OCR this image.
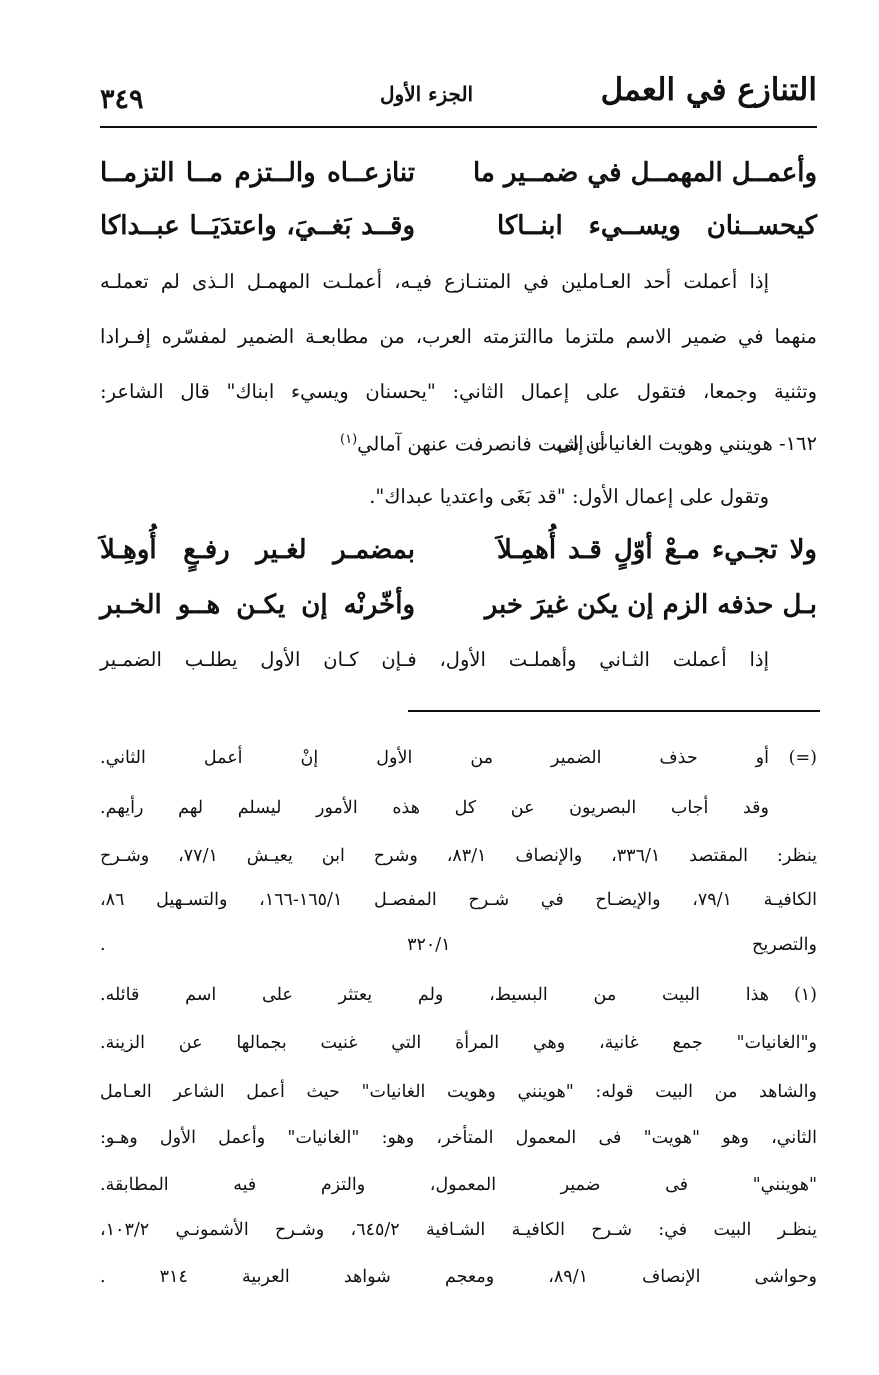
التنازع في العمل
الجزء الأول
٣٤٩
وأعمــل المهمــل في ضمــير ما
تنازعــاه والــتزم مــا التزمــا
كيحســنان ويســيء ابنــاكا
وقــد بَغــيَ، واعتدَيَــا عبــداكا
إذا أعملت أحد العـاملين في المتنـازع فيـه، أعملـت المهمـل الـذى لم تعملـه
منهما في ضمير الاسم ملتزما ماالتزمته العرب، من مطابعـة الضمير لمفسّره إفـرادا
وتثنية وجمعا، فتقول على إعمال الثاني: "يحسنان ويسيء ابناك" قال الشاعر:
١٦٢- هوينني وهويت الغانيات إلى
أن شبت فانصرفت عنهن آمالي$^{(١)}$
وتقول على إعمال الأول: "قد بَغَى واعتديا عبداك".
ولا تجـيء مـعْ أوّلٍ قـد أُهمِـلاَ
بمضمـر لغـير رفـعٍ أُوهِـلاَ
بـل حذفه الزم إن يكن غيرَ خبر
وأخّرنْه إن يكـن هــو الخـبر
إذا أعملت الثـاني وأهملـت الأول، فـإن كـان الأول يطلـب الضمـير
(=)
أو حذف الضمير من الأول إنْ أعمل الثاني.
وقد أجاب البصريون عن كل هذه الأمور ليسلم لهم رأيهم.
ينظر: المقتصد ٣٣٦/١، والإنصاف ٨٣/١، وشرح ابن يعيـش ٧٧/١، وشـرح
الكافيـة ٧٩/١، والإيضـاح في شـرح المفصـل ١٦٥/١-١٦٦، والتسـهيل ٨٦،
والتصريح ٣٢٠/١ .
(١)
هذا البيت من البسيط، ولم يعتثر على اسم قائله.
و"الغانيات" جمع غانية، وهي المرأة التي غنيت بجمالها عن الزينة.
والشاهد من البيت قوله: "هوينني وهويت الغانيات" حيث أعمل الشاعر العـامل
الثاني، وهو "هويت" فى المعمول المتأخر، وهو: "الغانيات" وأعمل الأول وهـو:
"هوينني" فى ضمير المعمول، والتزم فيه المطابقة.
ينظـر البيت في: شـرح الكافيـة الشـافية ٦٤٥/٢، وشـرح الأشمونـي ١٠٣/٢،
وحواشى الإنصاف ٨٩/١، ومعجم شواهد العربية ٣١٤ .
